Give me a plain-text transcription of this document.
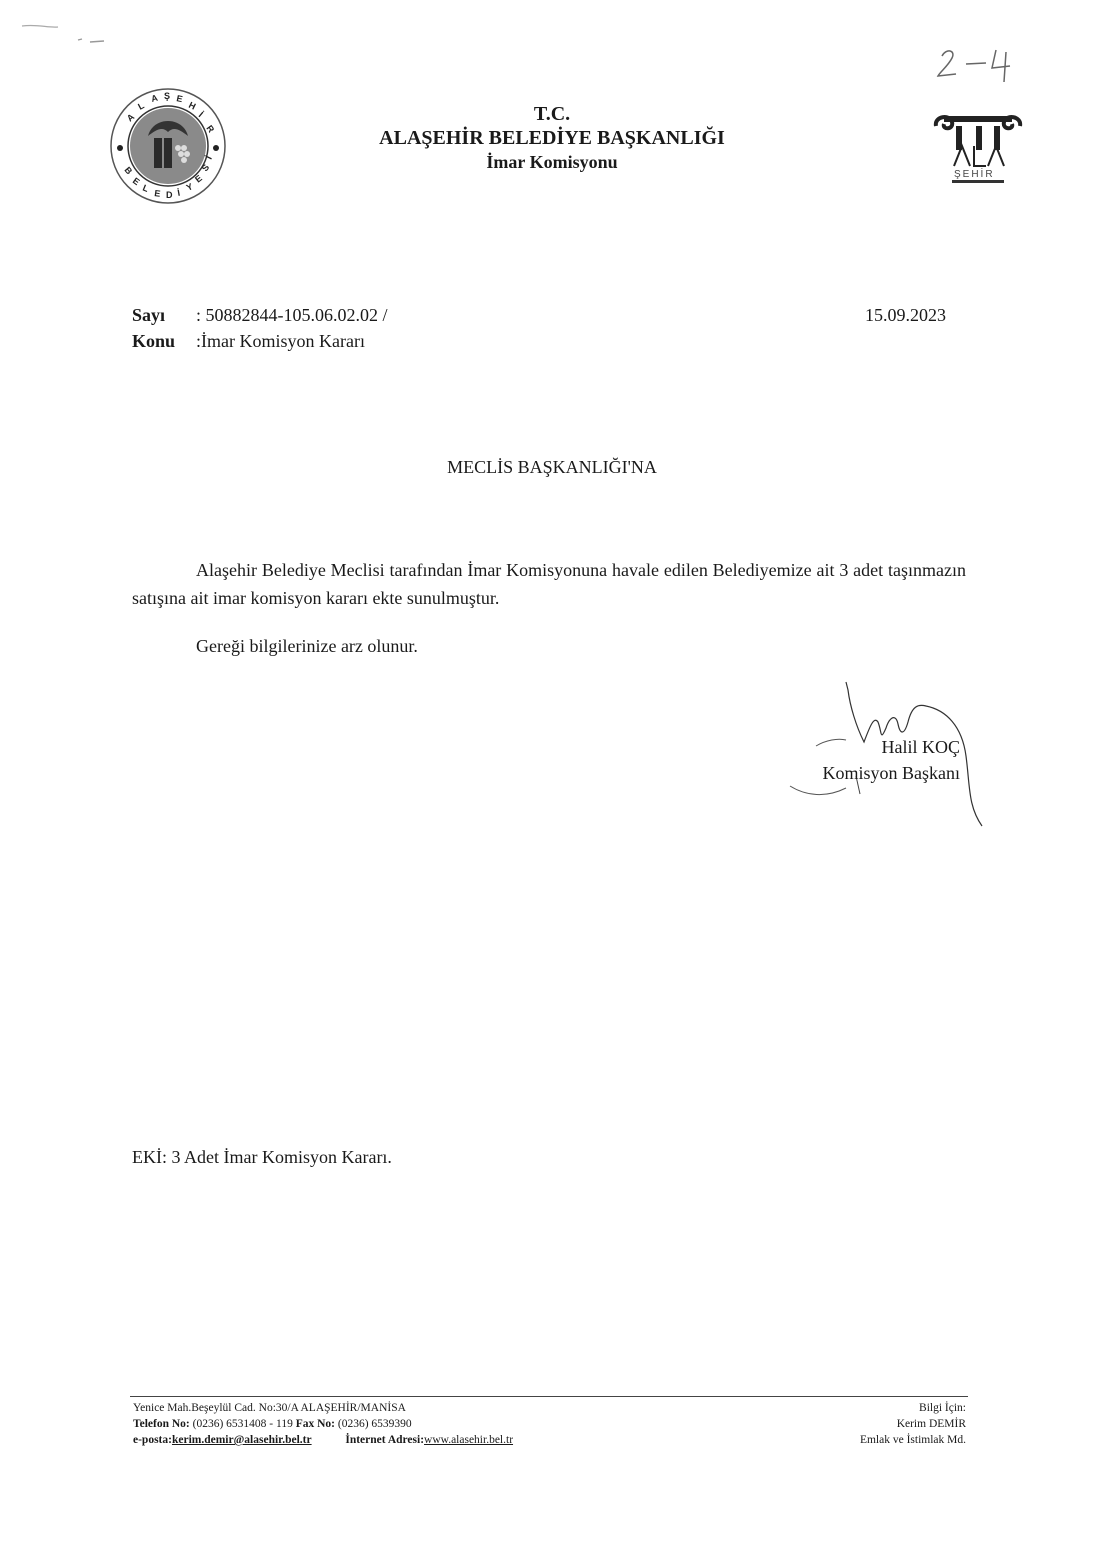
A
L
A Ş E
H
İ
R
B
E
L E D İ
Y
E
S
İ
ŞEHİR
T.C.
ALAŞEHİR BELEDİYE BAŞKANLIĞI
İmar Komisyonu
Sayı : 50882844-105.06.02.02 /
Konu :İmar Komisyon Kararı
15.09.2023
MECLİS BAŞKANLIĞI'NA
Alaşehir Belediye Meclisi tarafından İmar Komisyonuna havale edilen Belediyemize ait 3 adet taşınmazın satışına ait imar komisyon kararı ekte sunulmuştur.
Gereği bilgilerinize arz olunur.
Halil KOÇ
Komisyon Başkanı
EKİ: 3 Adet İmar Komisyon Kararı.
Yenice Mah.Beşeylül Cad. No:30/A ALAŞEHİR/MANİSA
Telefon No: (0236) 6531408 - 119 Fax No: (0236) 6539390
e-posta:kerim.demir@alasehir.bel.tr	İnternet Adresi:www.alasehir.bel.tr
Bilgi İçin:
Kerim DEMİR
Emlak ve İstimlak Md.
